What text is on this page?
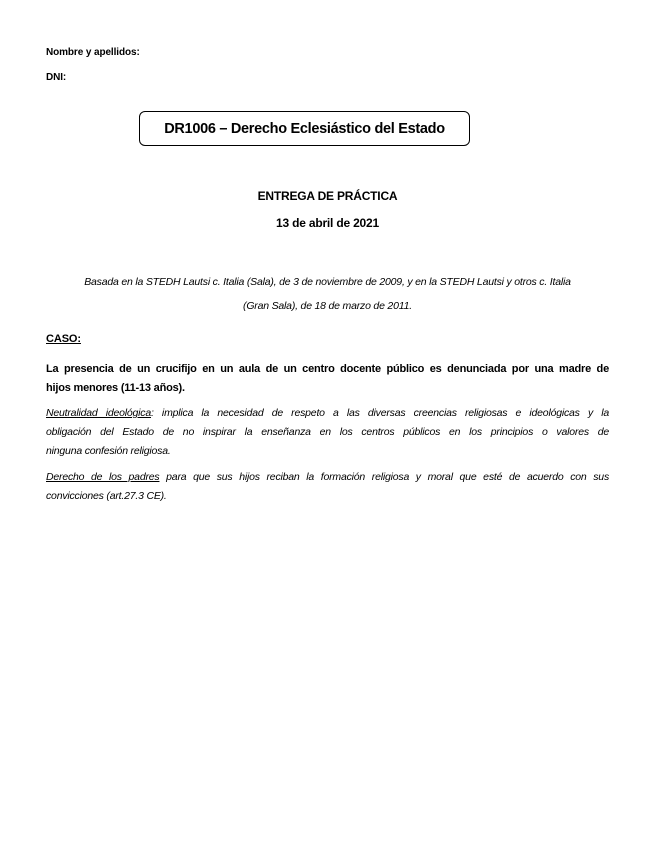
Nombre y apellidos:
DNI:
DR1006 – Derecho Eclesiástico del Estado
ENTREGA DE PRÁCTICA
13 de abril de 2021
Basada en la STEDH Lautsi c. Italia (Sala), de 3 de noviembre de 2009, y en la STEDH Lautsi y otros c. Italia
(Gran Sala), de 18 de marzo de 2011.
CASO:
La presencia de un crucifijo en un aula de un centro docente público es denunciada por una madre de
hijos menores (11-13 años).
Neutralidad ideológica: implica la necesidad de respeto a las diversas creencias religiosas e ideológicas y la
obligación del Estado de no inspirar la enseñanza en los centros públicos en los principios o valores de
ninguna confesión religiosa.
Derecho de los padres para que sus hijos reciban la formación religiosa y moral que esté de acuerdo con sus
convicciones (art.27.3 CE).
